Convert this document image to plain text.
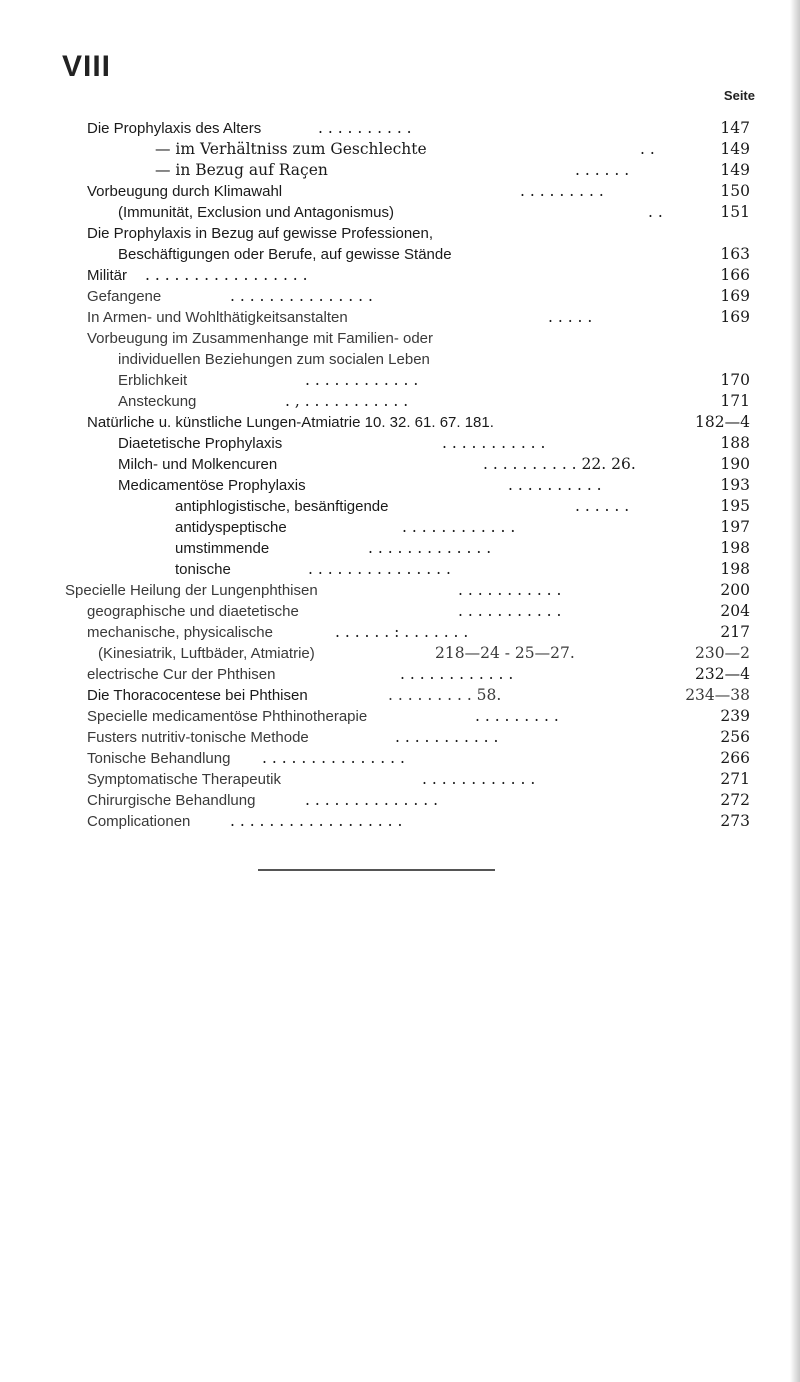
VIII
Seite
Die Prophylaxis des Alters	. . . . . . . . . .	147
— im Verhältniss zum Geschlechte	. .	149
— in Bezug auf Raçen	. . . . . .	149
Vorbeugung durch Klimawahl	. . . . . . . . .	150
(Immunität, Exclusion und Antagonismus)	. .	151
Die Prophylaxis in Bezug auf gewisse Professionen,
Beschäftigungen oder Berufe, auf gewisse Stände	163
Militär . . . . . . . . . . . . . . . . .	166
Gefangene	. . . . . . . . . . . . . . .	169
In Armen- und Wohlthätigkeitsanstalten	. . . . .	169
Vorbeugung im Zusammenhange mit Familien- oder
individuellen Beziehungen zum socialen Leben
Erblichkeit	. . . . . . . . . . . .	170
Ansteckung	. , . . . . . . . . . . .	171
Natürliche u. künstliche Lungen-Atmiatrie 10. 32. 61. 67. 181.	182—4
Diaetetische Prophylaxis	. . . . . . . . . . .	188
Milch- und Molkencuren	. . . . . . . . . . 22. 26.	190
Medicamentöse Prophylaxis	. . . . . . . . . .	193
antiphlogistische, besänftigende	. . . . . .	195
antidyspeptische	. . . . . . . . . . . .	197
umstimmende	. . . . . . . . . . . . .	198
tonische	. . . . . . . . . . . . . . .	198
Specielle Heilung der Lungenphthisen	. . . . . . . . . . .	200
geographische und diaetetische	. . . . . . . . . . .	204
mechanische, physicalische	. . . . . . : . . . . . . .	217
(Kinesiatrik, Luftbäder, Atmiatrie)	218—24 - 25—27.	230—2
electrische Cur der Phthisen	. . . . . . . . . . . .	232—4
Die Thoracocentese bei Phthisen	. . . . . . . . . 58.	234—38
Specielle medicamentöse Phthinotherapie	. . . . . . . . .	239
Fusters nutritiv-tonische Methode	. . . . . . . . . . .	256
Tonische Behandlung . . . . . . . . . . . . . . .	266
Symptomatische Therapeutik	. . . . . . . . . . . .	271
Chirurgische Behandlung	. . . . . . . . . . . . . .	272
Complicationen	. . . . . . . . . . . . . . . . . .	273
